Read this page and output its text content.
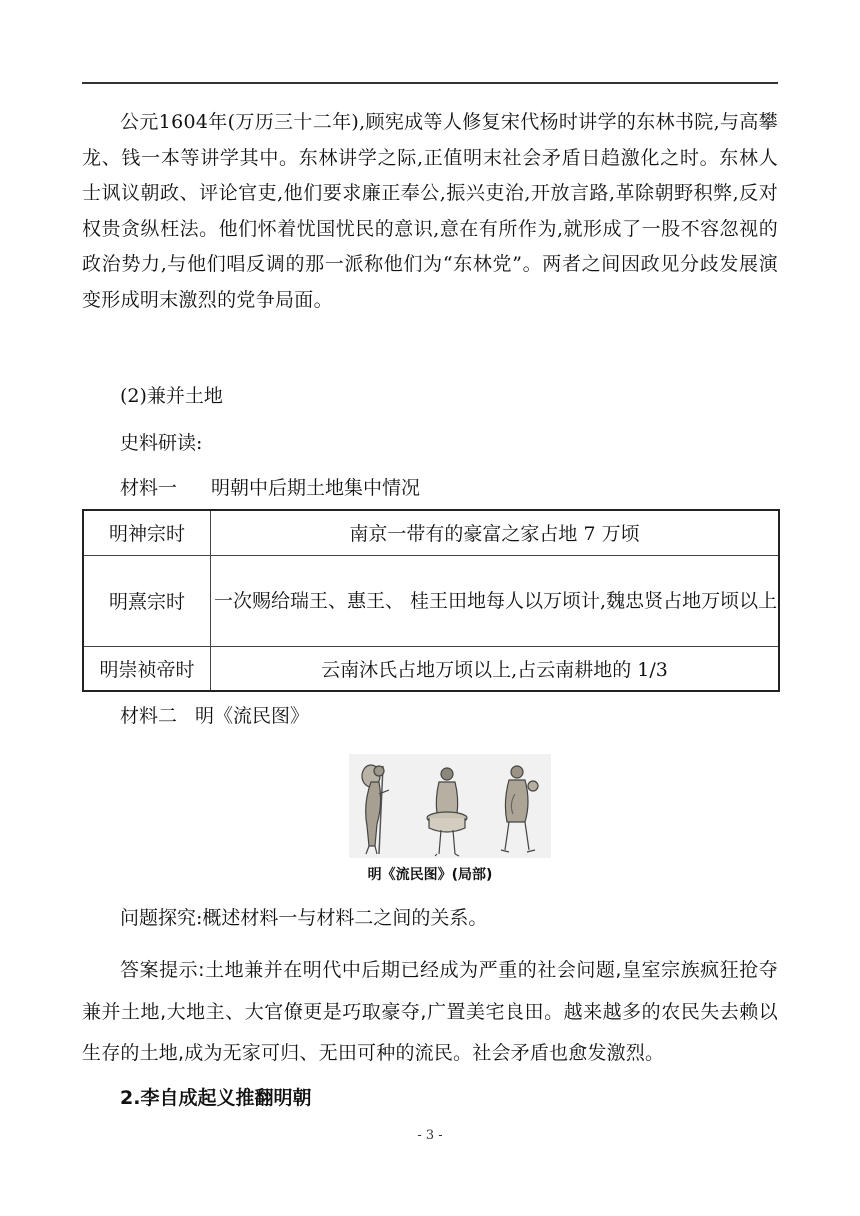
公元1604年(万历三十二年),顾宪成等人修复宋代杨时讲学的东林书院,与高攀龙、钱一本等讲学其中。东林讲学之际,正值明末社会矛盾日趋激化之时。东林人士讽议朝政、评论官吏,他们要求廉正奉公,振兴吏治,开放言路,革除朝野积弊,反对权贵贪纵枉法。他们怀着忧国忧民的意识,意在有所作为,就形成了一股不容忽视的政治势力,与他们唱反调的那一派称他们为“东林党”。两者之间因政见分歧发展演变形成明末激烈的党争局面。

(2)兼并土地

史料研读:

材料一 明朝中后期土地集中情况

明神宗时	南京一带有的豪富之家占地 7 万顷
明熹宗时	一次赐给瑞王、惠王、 桂王田地每人以万顷计,魏忠贤占地万顷以上
明崇祯帝时	云南沐氏占地万顷以上,占云南耕地的 1/3

材料二 明《流民图》

明《流民图》(局部)

问题探究:概述材料一与材料二之间的关系。

答案提示:土地兼并在明代中后期已经成为严重的社会问题,皇室宗族疯狂抢夺兼并土地,大地主、大官僚更是巧取豪夺,广置美宅良田。越来越多的农民失去赖以生存的土地,成为无家可归、无田可种的流民。社会矛盾也愈发激烈。

2.李自成起义推翻明朝

- 3 -
